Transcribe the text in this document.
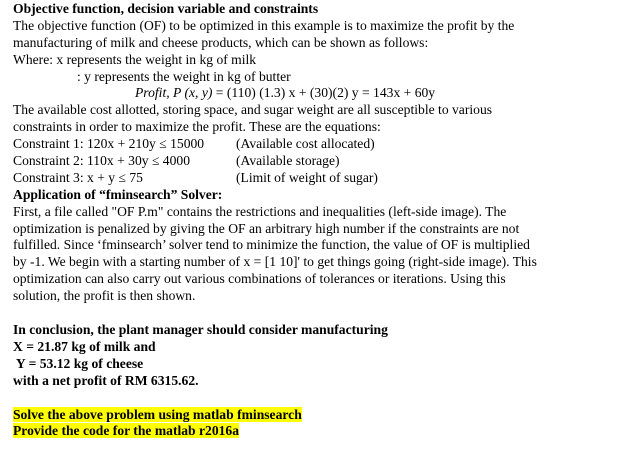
Objective function, decision variable and constraints
The objective function (OF) to be optimized in this example is to maximize the profit by the
manufacturing of milk and cheese products, which can be shown as follows:
Where: x represents the weight in kg of milk
: y represents the weight in kg of butter
Profit, P (x, y) = (110) (1.3) x + (30)(2) y = 143x + 60y
The available cost allotted, storing space, and sugar weight are all susceptible to various
constraints in order to maximize the profit. These are the equations:
Constraint 1: 120x + 210y ≤ 15000	(Available cost allocated)
Constraint 2: 110x + 30y ≤ 4000	(Available storage)
Constraint 3: x + y ≤ 75	(Limit of weight of sugar)
Application of “fminsearch” Solver:
First, a file called "OF P.m" contains the restrictions and inequalities (left-side image). The
optimization is penalized by giving the OF an arbitrary high number if the constraints are not
fulfilled. Since ‘fminsearch’ solver tend to minimize the function, the value of OF is multiplied
by -1. We begin with a starting number of x = [1 10]' to get things going (right-side image). This
optimization can also carry out various combinations of tolerances or iterations. Using this
solution, the profit is then shown.
In conclusion, the plant manager should consider manufacturing
X = 21.87 kg of milk and
Y = 53.12 kg of cheese
with a net profit of RM 6315.62.
Solve the above problem using matlab fminsearch
Provide the code for the matlab r2016a
